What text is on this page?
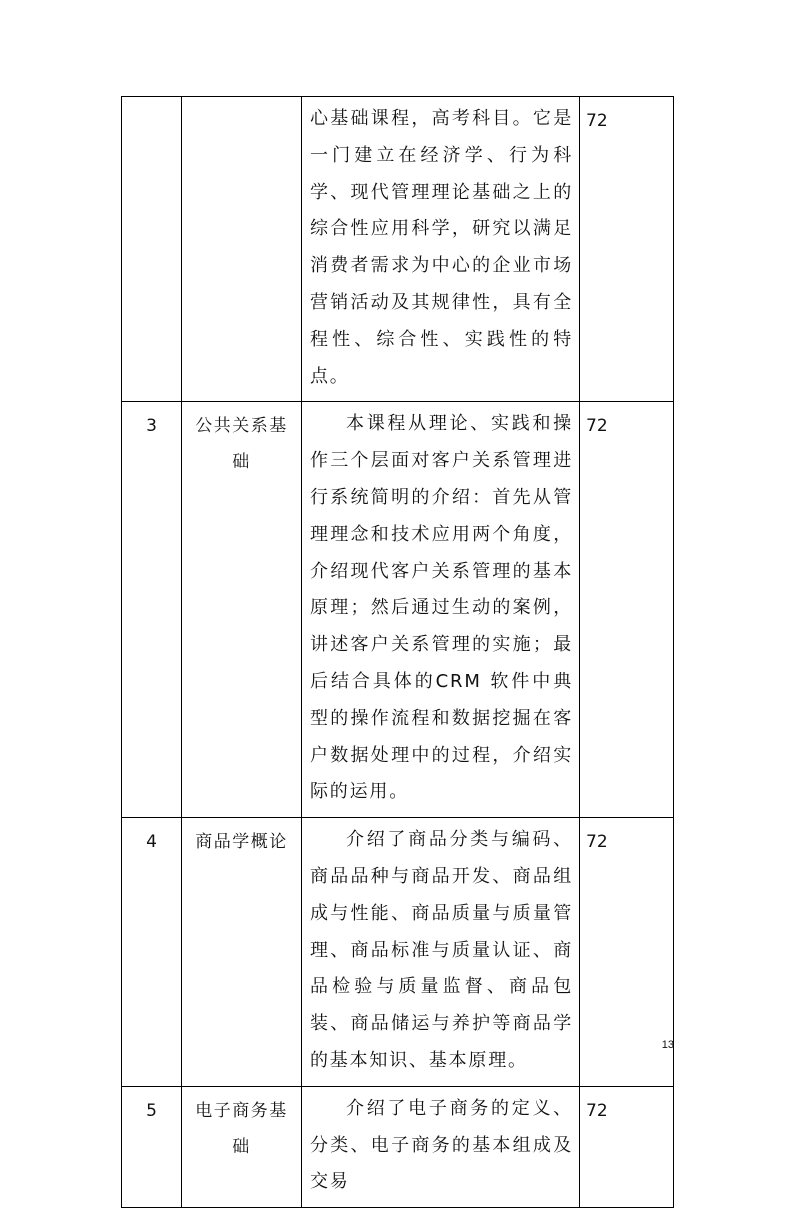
		心基础课程，高考科目。它是一门建立在经济学、行为科学、现代管理理论基础之上的综合性应用科学，研究以满足消费者需求为中心的企业市场营销活动及其规律性，具有全程性、综合性、实践性的特点。	72
3	公共关系基础	本课程从理论、实践和操作三个层面对客户关系管理进行系统简明的介绍：首先从管理理念和技术应用两个角度，介绍现代客户关系管理的基本原理；然后通过生动的案例，讲述客户关系管理的实施；最后结合具体的CRM 软件中典型的操作流程和数据挖掘在客户数据处理中的过程，介绍实际的运用。	72
4	商品学概论	介绍了商品分类与编码、商品品种与商品开发、商品组成与性能、商品质量与质量管理、商品标准与质量认证、商品检验与质量监督、商品包装、商品储运与养护等商品学的基本知识、基本原理。	72
5	电子商务基础	介绍了电子商务的定义、分类、电子商务的基本组成及交易	72
13
